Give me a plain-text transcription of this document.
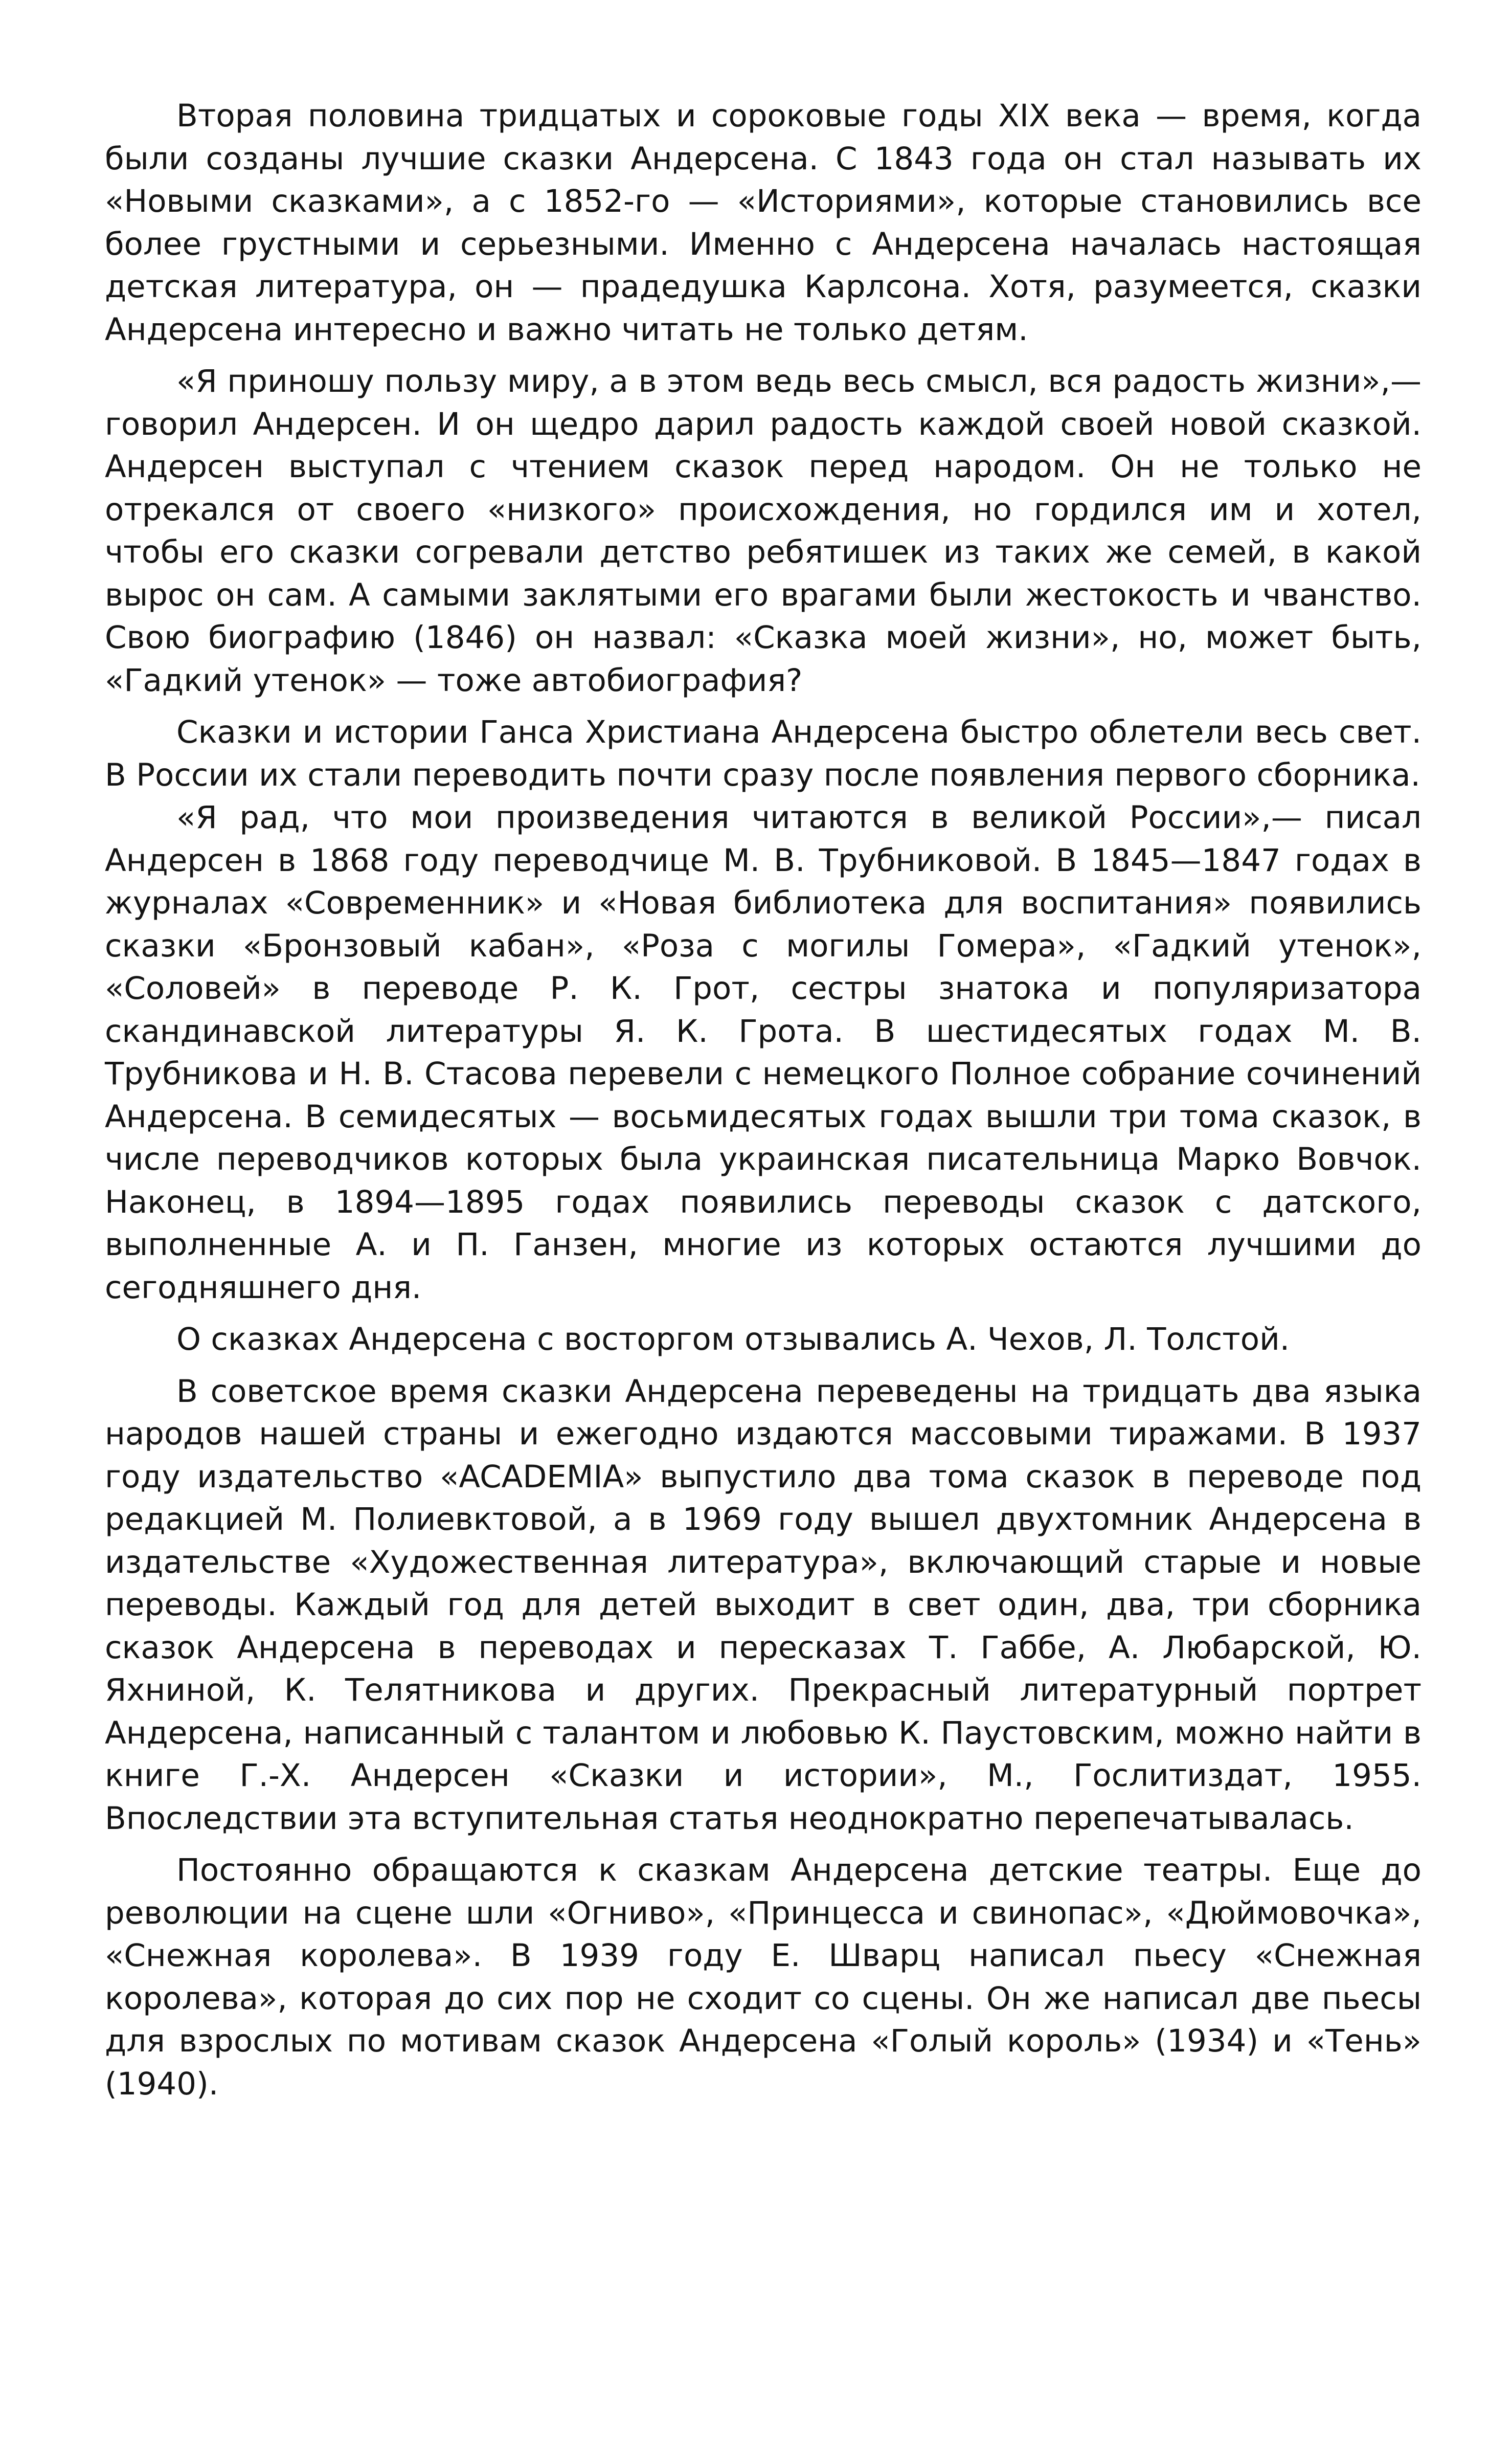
Вторая половина тридцатых и сороковые годы XIX века — время, когда были созданы лучшие сказки Андерсена. С 1843 года он стал называть их «Новыми сказками», а с 1852-го — «Историями», которые становились все более грустными и серьезными. Именно с Андерсена началась настоящая детская литература, он — прадедушка Карлсона. Хотя, разумеется, сказки Андерсена интересно и важно читать не только детям.

«Я приношу пользу миру, а в этом ведь весь смысл, вся радость жизни»,— говорил Андерсен. И он щедро дарил радость каждой своей новой сказкой. Андерсен выступал с чтением сказок перед народом. Он не только не отрекался от своего «низкого» происхождения, но гордился им и хотел, чтобы его сказки согревали детство ребятишек из таких же семей, в какой вырос он сам. А самыми заклятыми его врагами были жестокость и чванство. Свою биографию (1846) он назвал: «Сказка моей жизни», но, может быть, «Гадкий утенок» — тоже автобиография?

Сказки и истории Ганса Христиана Андерсена быстро облетели весь свет. В России их стали переводить почти сразу после появления первого сборника.

«Я рад, что мои произведения читаются в великой России»,— писал Андерсен в 1868 году переводчице М. В. Трубниковой. В 1845—1847 годах в журналах «Современник» и «Новая библиотека для воспитания» появились сказки «Бронзовый кабан», «Роза с могилы Гомера», «Гадкий утенок», «Соловей» в переводе Р. К. Грот, сестры знатока и популяризатора скандинавской литературы Я. К. Грота. В шестидесятых годах М. В. Трубникова и Н. В. Стасова перевели с немецкого Полное собрание сочинений Андерсена. В семидесятых — восьмидесятых годах вышли три тома сказок, в числе переводчиков которых была украинская писательница Марко Вовчок. Наконец, в 1894—1895 годах появились переводы сказок с датского, выполненные А. и П. Ганзен, многие из которых остаются лучшими до сегодняшнего дня.

О сказках Андерсена с восторгом отзывались А. Чехов, Л. Толстой.

В советское время сказки Андерсена переведены на тридцать два языка народов нашей страны и ежегодно издаются массовыми тиражами. В 1937 году издательство «ACADEMIA» выпустило два тома сказок в переводе под редакцией М. Полиевктовой, а в 1969 году вышел двухтомник Андерсена в издательстве «Художественная литература», включающий старые и новые переводы. Каждый год для детей выходит в свет один, два, три сборника сказок Андерсена в переводах и пересказах Т. Габбе, А. Любарской, Ю. Яхниной, К. Телятникова и других. Прекрасный литературный портрет Андерсена, написанный с талантом и любовью К. Паустовским, можно найти в книге Г.-Х. Андерсен «Сказки и истории», М., Гослитиздат, 1955. Впоследствии эта вступительная статья неоднократно перепечатывалась.

Постоянно обращаются к сказкам Андерсена детские театры. Еще до революции на сцене шли «Огниво», «Принцесса и свинопас», «Дюймовочка», «Снежная королева». В 1939 году Е. Шварц написал пьесу «Снежная королева», которая до сих пор не сходит со сцены. Он же написал две пьесы для взрослых по мотивам сказок Андерсена «Голый король» (1934) и «Тень» (1940).
